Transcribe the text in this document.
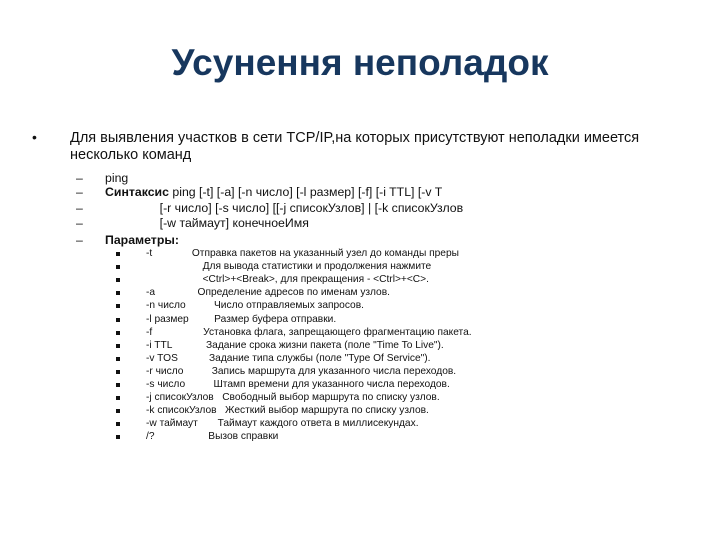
Усунення неполадок
• Для выявления участков в сети TCP/IP,на которых присутствуют неполадки имеется несколько команд
– ping
– Синтаксис ping [-t] [-a] [-n число] [-l размер] [-f] [-i TTL] [-v T
– [-r число] [-s число] [[-j списокУзлов] | [-k списокУзлов
– [-w таймаут] конечноеИмя
– Параметры:
-t              Отправка пакетов на указанный узел до команды преры
Для вывода статистики и продолжения нажмите
<Ctrl>+<Break>, для прекращения - <Ctrl>+<C>.
-a               Определение адресов по именам узлов.
-n число          Число отправляемых запросов.
-l размер         Размер буфера отправки.
-f                  Установка флага, запрещающего фрагментацию пакета.
-i TTL            Задание срока жизни пакета (поле "Time To Live").
-v TOS           Задание типа службы (поле "Type Of Service").
-r число          Запись маршрута для указанного числа переходов.
-s число          Штамп времени для указанного числа переходов.
-j списокУзлов   Свободный выбор маршрута по списку узлов.
-k списокУзлов   Жесткий выбор маршрута по списку узлов.
-w таймаут       Таймаут каждого ответа в миллисекундах.
/?                   Вызов справки
